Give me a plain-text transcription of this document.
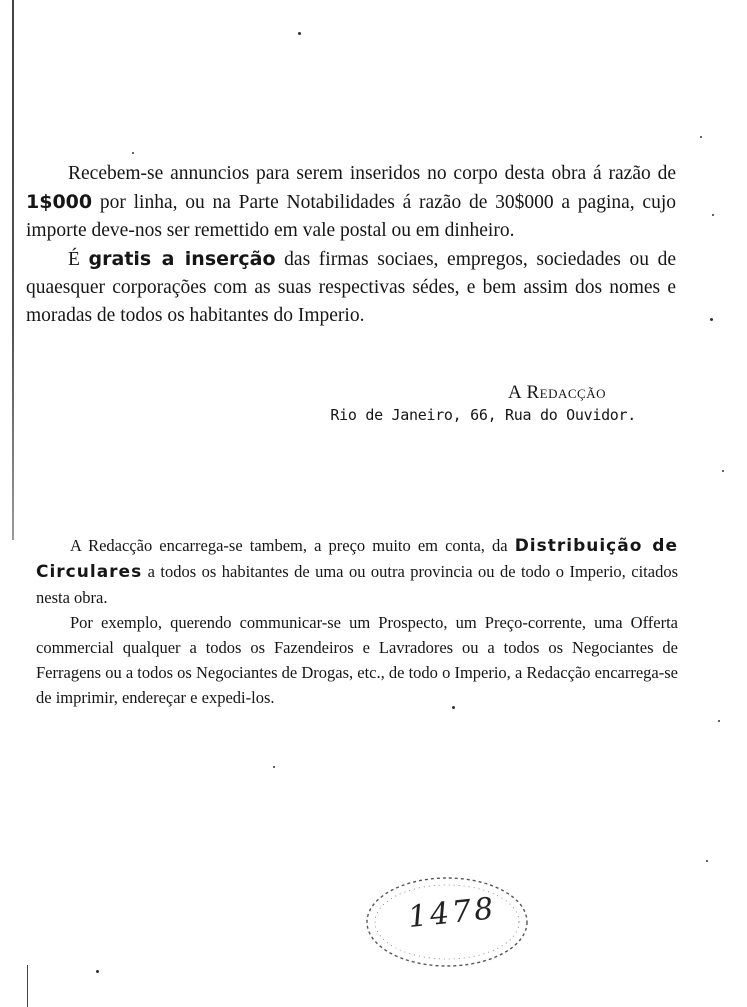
Recebem-se annuncios para serem inseridos no corpo desta obra á razão de 1$000 por linha, ou na Parte Notabilidades á razão de 30$000 a pagina, cujo importe deve-nos ser remettido em vale postal ou em dinheiro.

É gratis a inserção das firmas sociaes, empregos, sociedades ou de quaesquer corporações com as suas respectivas sédes, e bem assim dos nomes e moradas de todos os habitantes do Imperio.

A Redacção
Rio de Janeiro, 66, Rua do Ouvidor.

A Redacção encarrega-se tambem, a preço muito em conta, da Distribuição de Circulares a todos os habitantes de uma ou outra provincia ou de todo o Imperio, citados nesta obra.

Por exemplo, querendo communicar-se um Prospecto, um Preço-corrente, uma Offerta commercial qualquer a todos os Fazendeiros e Lavradores ou a todos os Negociantes de Ferragens ou a todos os Negociantes de Drogas, etc., de todo o Imperio, a Redacção encarrega-se de imprimir, endereçar e expedi-los.

1478
